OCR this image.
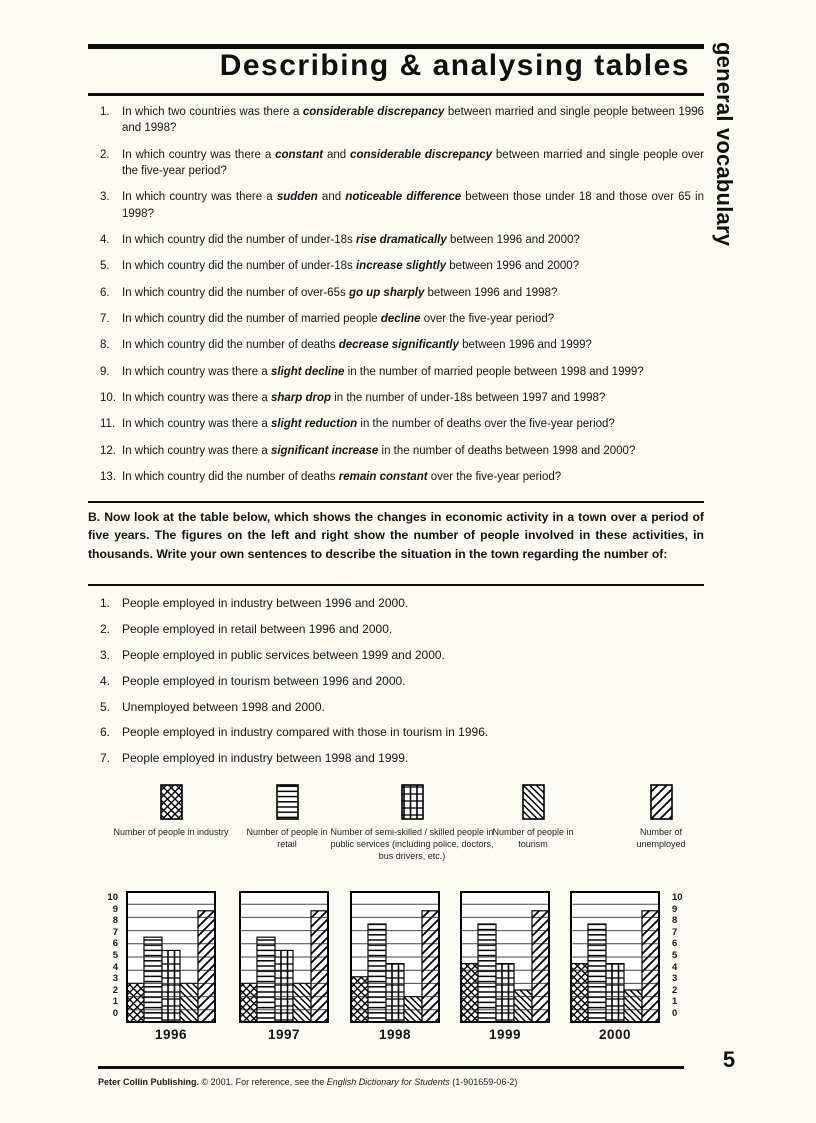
general vocabulary
Describing & analysing tables
1.	In which two countries was there a considerable discrepancy between married and single people between 1996 and 1998?
2.	In which country was there a constant and considerable discrepancy between married and single people over the five-year period?
3.	In which country was there a sudden and noticeable difference between those under 18 and those over 65 in 1998?
4.	In which country did the number of under-18s rise dramatically between 1996 and 2000?
5.	In which country did the number of under-18s increase slightly between 1996 and 2000?
6.	In which country did the number of over-65s go up sharply between 1996 and 1998?
7.	In which country did the number of married people decline over the five-year period?
8.	In which country did the number of deaths decrease significantly between 1996 and 1999?
9.	In which country was there a slight decline in the number of married people between 1998 and 1999?
10. In which country was there a sharp drop in the number of under-18s between 1997 and 1998?
11. In which country was there a slight reduction in the number of deaths over the five-year period?
12. In which country was there a significant increase in the number of deaths between 1998 and 2000?
13. In which country did the number of deaths remain constant over the five-year period?

B. Now look at the table below, which shows the changes in economic activity in a town over a period of five years. The figures on the left and right show the number of people involved in these activities, in thousands. Write your own sentences to describe the situation in the town regarding the number of:

1. People employed in industry between 1996 and 2000.
2. People employed in retail between 1996 and 2000.
3. People employed in public services between 1999 and 2000.
4. People employed in tourism between 1996 and 2000.
5. Unemployed between 1998 and 2000.
6. People employed in industry compared with those in tourism in 1996.
7. People employed in industry between 1998 and 1999.
Number of people in industry	Number of people in retail
Number of semi-skilled / skilled people in public services (including police, doctors, bus drivers, etc.)
Number of people in tourism
Number of unemployed
10
9
8
7
6
5
4
3
2
1
0
10
9
8
7
6
5
4
3
2
1
0
1996	1997	1998	1999	2000

Peter Collin Publishing. © 2001. For reference, see the English Dictionary for Students (1-901659-06-2)

5
